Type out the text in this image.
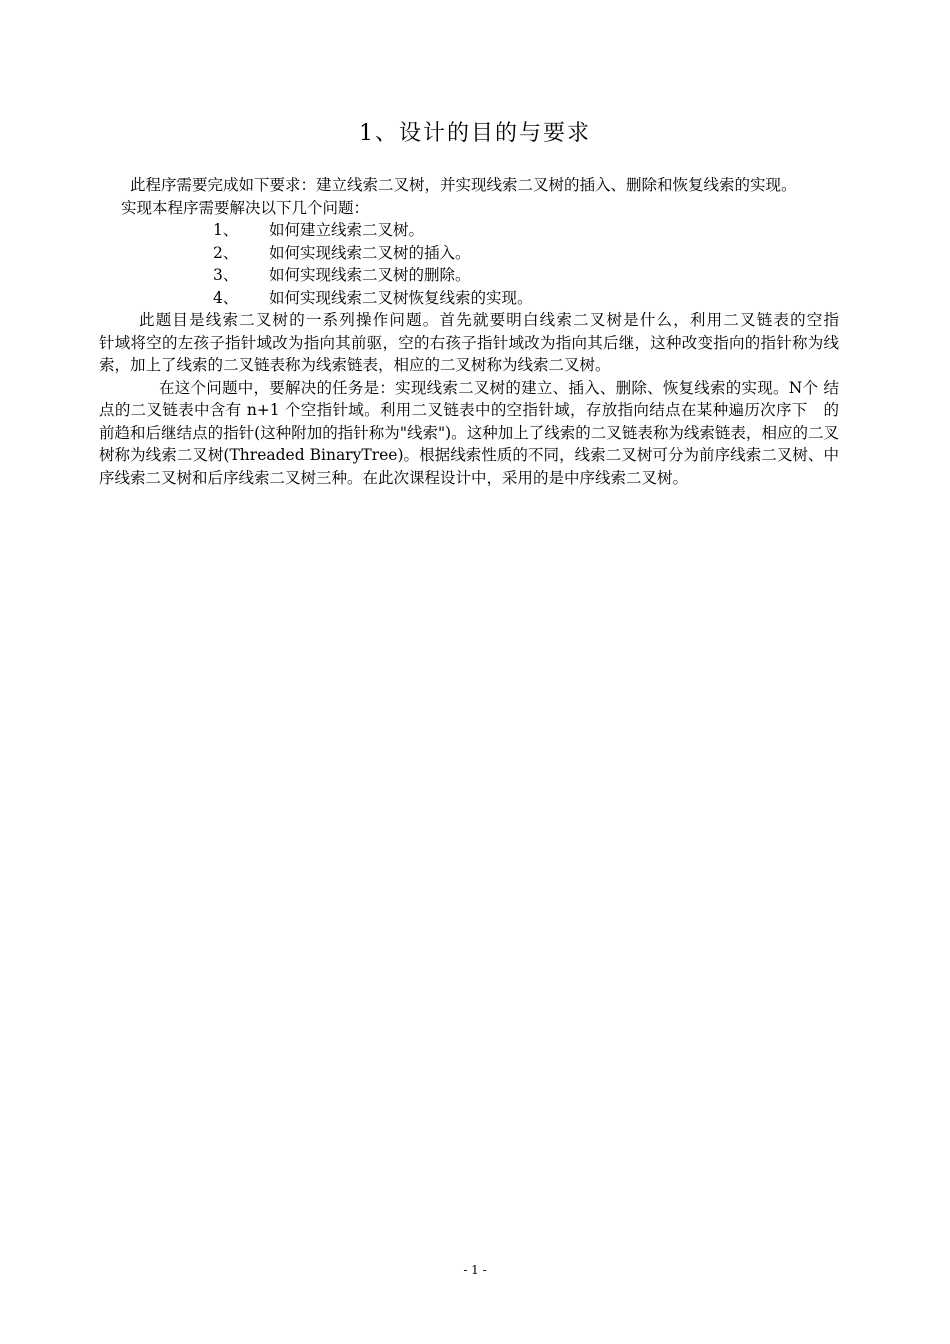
1、设计的目的与要求

此程序需要完成如下要求：建立线索二叉树，并实现线索二叉树的插入、删除和恢复线索的实现。

实现本程序需要解决以下几个问题：

1、	如何建立线索二叉树。
2、	如何实现线索二叉树的插入。
3、	如何实现线索二叉树的删除。
4、	如何实现线索二叉树恢复线索的实现。

此题目是线索二叉树的一系列操作问题。首先就要明白线索二叉树是什么，利用二叉链表的空指　　　　　针域将空的左孩子指针域改为指向其前驱，空的右孩子指针域改为指向其后继，这种改变指向的指针称为线索，加上了线索的二叉链表称为线索链表，相应的二叉树称为线索二叉树。

在这个问题中，要解决的任务是：实现线索二叉树的建立、插入、删除、恢复线索的实现。N个 结 点的二叉链表中含有 n+1 个空指针域。利用二叉链表中的空指针域，存放指向结点在某种遍历次序下　的前趋和后继结点的指针(这种附加的指针称为"线索")。这种加上了线索的二叉链表称为线索链表，相应的二叉树称为线索二叉树(Threaded BinaryTree)。根据线索性质的不同，线索二叉树可分为前序线索二叉树、中序线索二叉树和后序线索二叉树三种。在此次课程设计中，采用的是中序线索二叉树。

- 1 -
